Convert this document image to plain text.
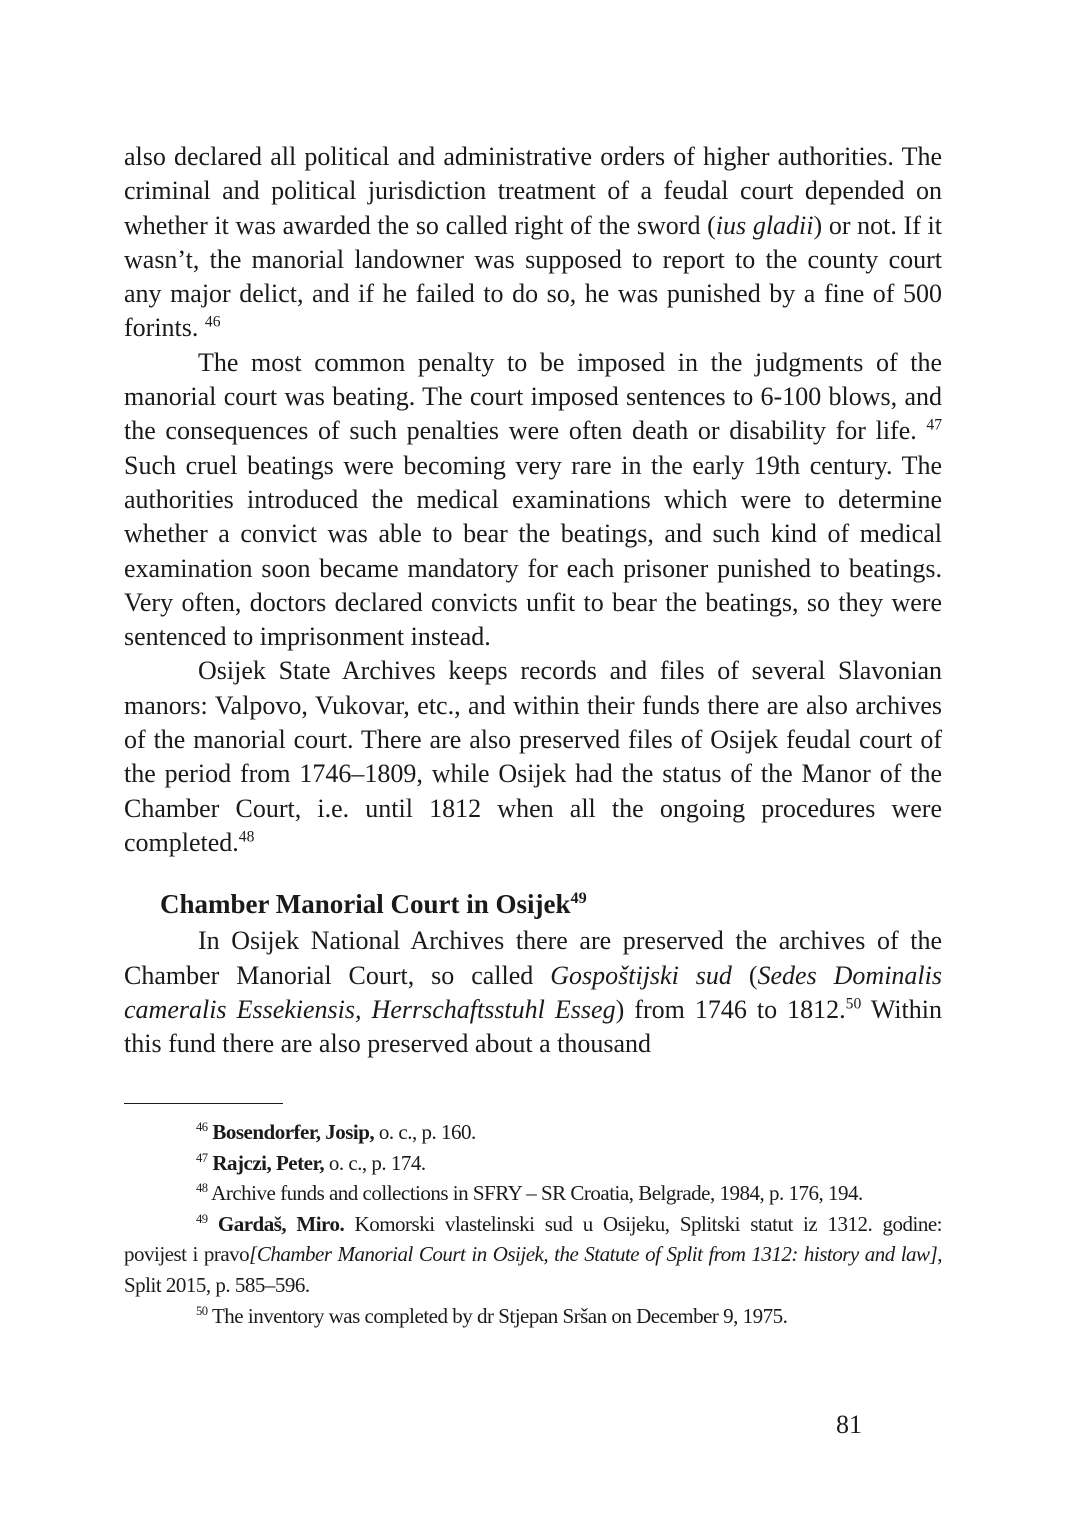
also declared all political and administrative orders of higher authorities. The criminal and political jurisdiction treatment of a feudal court depended on whether it was awarded the so called right of the sword (ius gladii) or not. If it wasn’t, the manorial landowner was supposed to report to the county court any major delict, and if he failed to do so, he was punished by a fine of 500 forints. $^{46}$

The most common penalty to be imposed in the judgments of the manorial court was beating. The court imposed sentences to 6-100 blows, and the consequences of such penalties were often death or disability for life. $^{47}$ Such cruel beatings were becoming very rare in the early 19th century. The authorities introduced the medical examinations which were to determine whether a convict was able to bear the beatings, and such kind of medical examination soon became mandatory for each prisoner punished to beatings. Very often, doctors declared convicts unfit to bear the beatings, so they were sentenced to imprisonment instead.

Osijek State Archives keeps records and files of several Slavonian manors: Valpovo, Vukovar, etc., and within their funds there are also archives of the manorial court. There are also preserved files of Osijek feudal court of the period from 1746–1809, while Osijek had the status of the Manor of the Chamber Court, i.e. until 1812 when all the ongoing procedures were completed.$^{48}$

Chamber Manorial Court in Osijek$^{49}$

In Osijek National Archives there are preserved the archives of the Chamber Manorial Court, so called Gospoštijski sud (Sedes Dominalis cameralis Essekiensis, Herrschaftsstuhl Esseg) from 1746 to 1812.50 Within this fund there are also preserved about a thousand

$^{46}$ Bosendorfer, Josip, o. c., p. 160.

$^{47}$ Rajczi, Peter, o. c., p. 174.

$^{48}$ Archive funds and collections in SFRY – SR Croatia, Belgrade, 1984, p. 176, 194.

$^{49}$ Gardaš, Miro. Komorski vlastelinski sud u Osijeku, Splitski statut iz 1312. godine: povijest i pravo[Chamber Manorial Court in Osijek, the Statute of Split from 1312: history and law], Split 2015, p. 585–596.

$^{50}$ The inventory was completed by dr Stjepan Sršan on December 9, 1975.

81
